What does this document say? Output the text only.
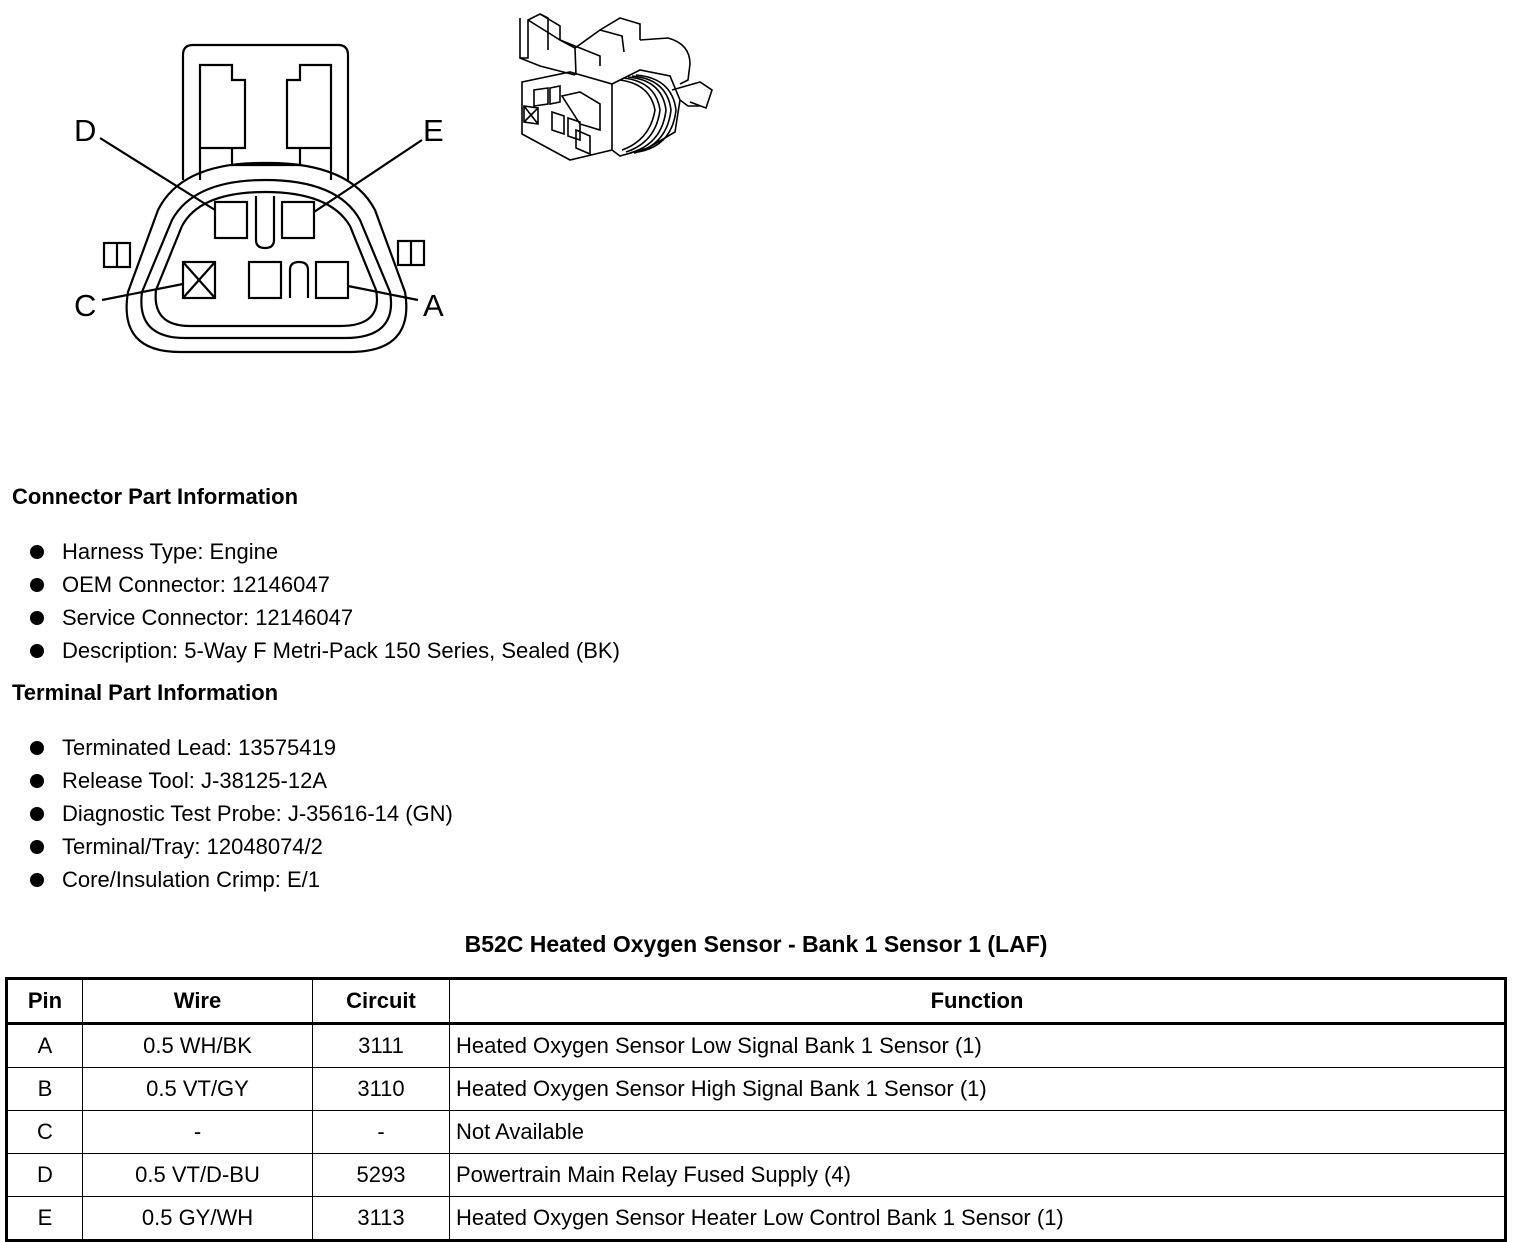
D	E
C	A
Connector Part Information
Harness Type: Engine
OEM Connector: 12146047
Service Connector: 12146047
Description: 5-Way F Metri-Pack 150 Series, Sealed (BK)
Terminal Part Information
Terminated Lead: 13575419
Release Tool: J-38125-12A
Diagnostic Test Probe: J-35616-14 (GN)
Terminal/Tray: 12048074/2
Core/Insulation Crimp: E/1
B52C Heated Oxygen Sensor - Bank 1 Sensor 1 (LAF)
Pin	Wire	Circuit	Function
A	0.5 WH/BK	3111	Heated Oxygen Sensor Low Signal Bank 1 Sensor (1)
B	0.5 VT/GY	3110	Heated Oxygen Sensor High Signal Bank 1 Sensor (1)
C	-	-	Not Available
D	0.5 VT/D-BU	5293	Powertrain Main Relay Fused Supply (4)
E	0.5 GY/WH	3113	Heated Oxygen Sensor Heater Low Control Bank 1 Sensor (1)
